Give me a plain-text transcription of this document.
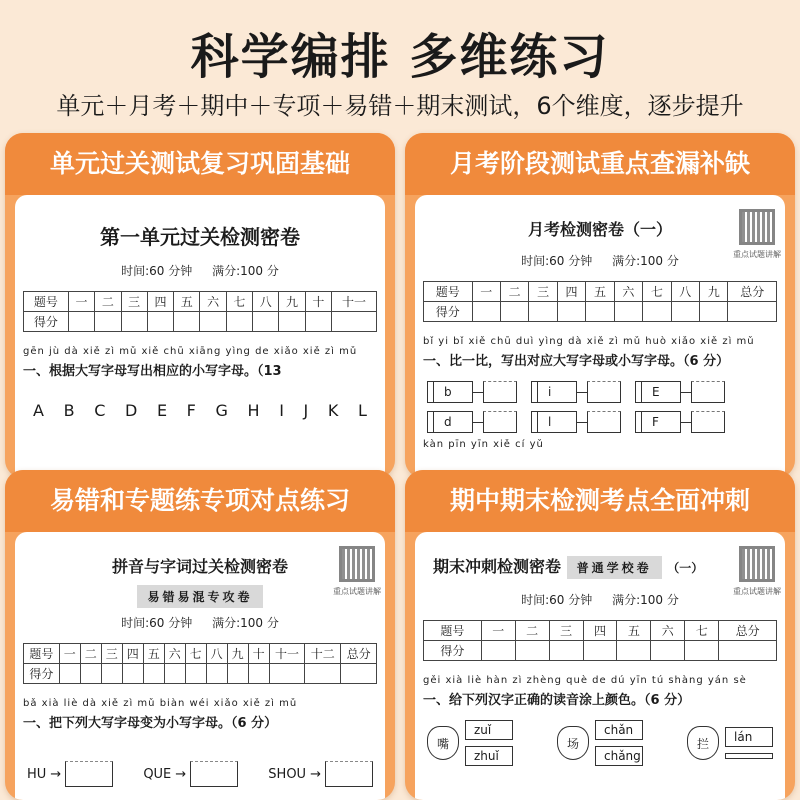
科学编排 多维练习
单元＋月考＋期中＋专项＋易错＋期末测试，6个维度，逐步提升
单元过关测试复习巩固基础
第一单元过关检测密卷
时间:60 分钟 满分:100 分
题号	一	二	三	四	五	六	七	八	九	十	十一
得分											
gēn jù dà xiě zì mǔ xiě chū xiāng yìng de xiǎo xiě zì mǔ
一、根据大写字母写出相应的小写字母。（13
A B C D E F G H I J K L
月考阶段测试重点查漏补缺
重点试题讲解
月考检测密卷（一）
时间:60 分钟 满分:100 分
题号	一	二	三	四	五	六	七	八	九	总分
得分										
bǐ yi bǐ xiě chū duì yìng dà xiě zì mǔ huò xiǎo xiě zì mǔ
一、比一比，写出对应大写字母或小写字母。（6 分）
b
d
i
l
E
F
kàn pīn yīn xiě cí yǔ
易错和专题练专项对点练习
重点试题讲解
拼音与字词过关检测密卷
易错易混专攻卷
时间:60 分钟 满分:100 分
题号	一	二	三	四	五	六	七	八	九	十	十一	十二	总分
得分													
bǎ xià liè dà xiě zì mǔ biàn wéi xiǎo xiě zì mǔ
一、把下列大写字母变为小写字母。（6 分）
HU →	QUE →	SHOU →
期中期末检测考点全面冲刺
重点试题讲解
期末冲刺检测密卷 普通学校卷 （一）
时间:60 分钟 满分:100 分
题号	一	二	三	四	五	六	七	总分
得分								
gěi xià liè hàn zì zhèng què de dú yīn tú shàng yán sè
一、给下列汉字正确的读音涂上颜色。（6 分）
嘴
zuǐ
zhuǐ
场
chǎn
chǎng
拦	lán
